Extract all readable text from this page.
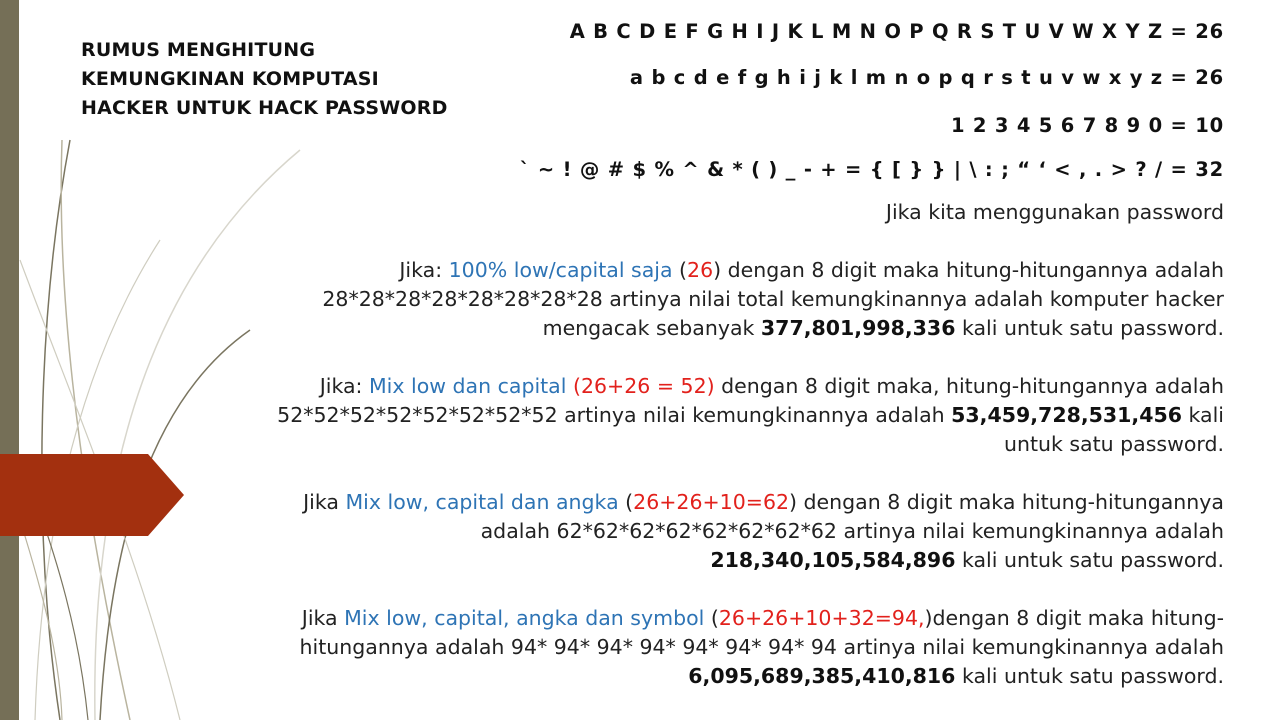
RUMUS MENGHITUNG
KEMUNGKINAN KOMPUTASI
HACKER UNTUK HACK PASSWORD
A B C D E F G H I J K L M N O P Q R S T U V W X Y Z = 26
a b c d e f g h i j k l m n o p q r s t u v w x y z = 26
1 2 3 4 5 6 7 8 9 0 = 10
` ~ ! @ # $ % ^ & * ( ) _ - + = { [ } } | \ : ; “ ‘ < , . > ? / = 32

Jika kita menggunakan password

Jika: 100% low/capital saja (26) dengan 8 digit maka hitung-hitungannya adalah

28*28*28*28*28*28*28*28 artinya nilai total kemungkinannya adalah komputer hacker

mengacak sebanyak 377,801,998,336 kali untuk satu password.

Jika: Mix low dan capital (26+26 = 52) dengan 8 digit maka, hitung-hitungannya adalah

52*52*52*52*52*52*52*52 artinya nilai kemungkinannya adalah 53,459,728,531,456 kali

untuk satu password.

Jika Mix low, capital dan angka (26+26+10=62) dengan 8 digit maka hitung-hitungannya

adalah 62*62*62*62*62*62*62*62 artinya nilai kemungkinannya adalah

218,340,105,584,896 kali untuk satu password.

Jika Mix low, capital, angka dan symbol (26+26+10+32=94,)dengan 8 digit maka hitung-

hitungannya adalah 94* 94* 94* 94* 94* 94* 94* 94 artinya nilai kemungkinannya adalah

6,095,689,385,410,816 kali untuk satu password.
